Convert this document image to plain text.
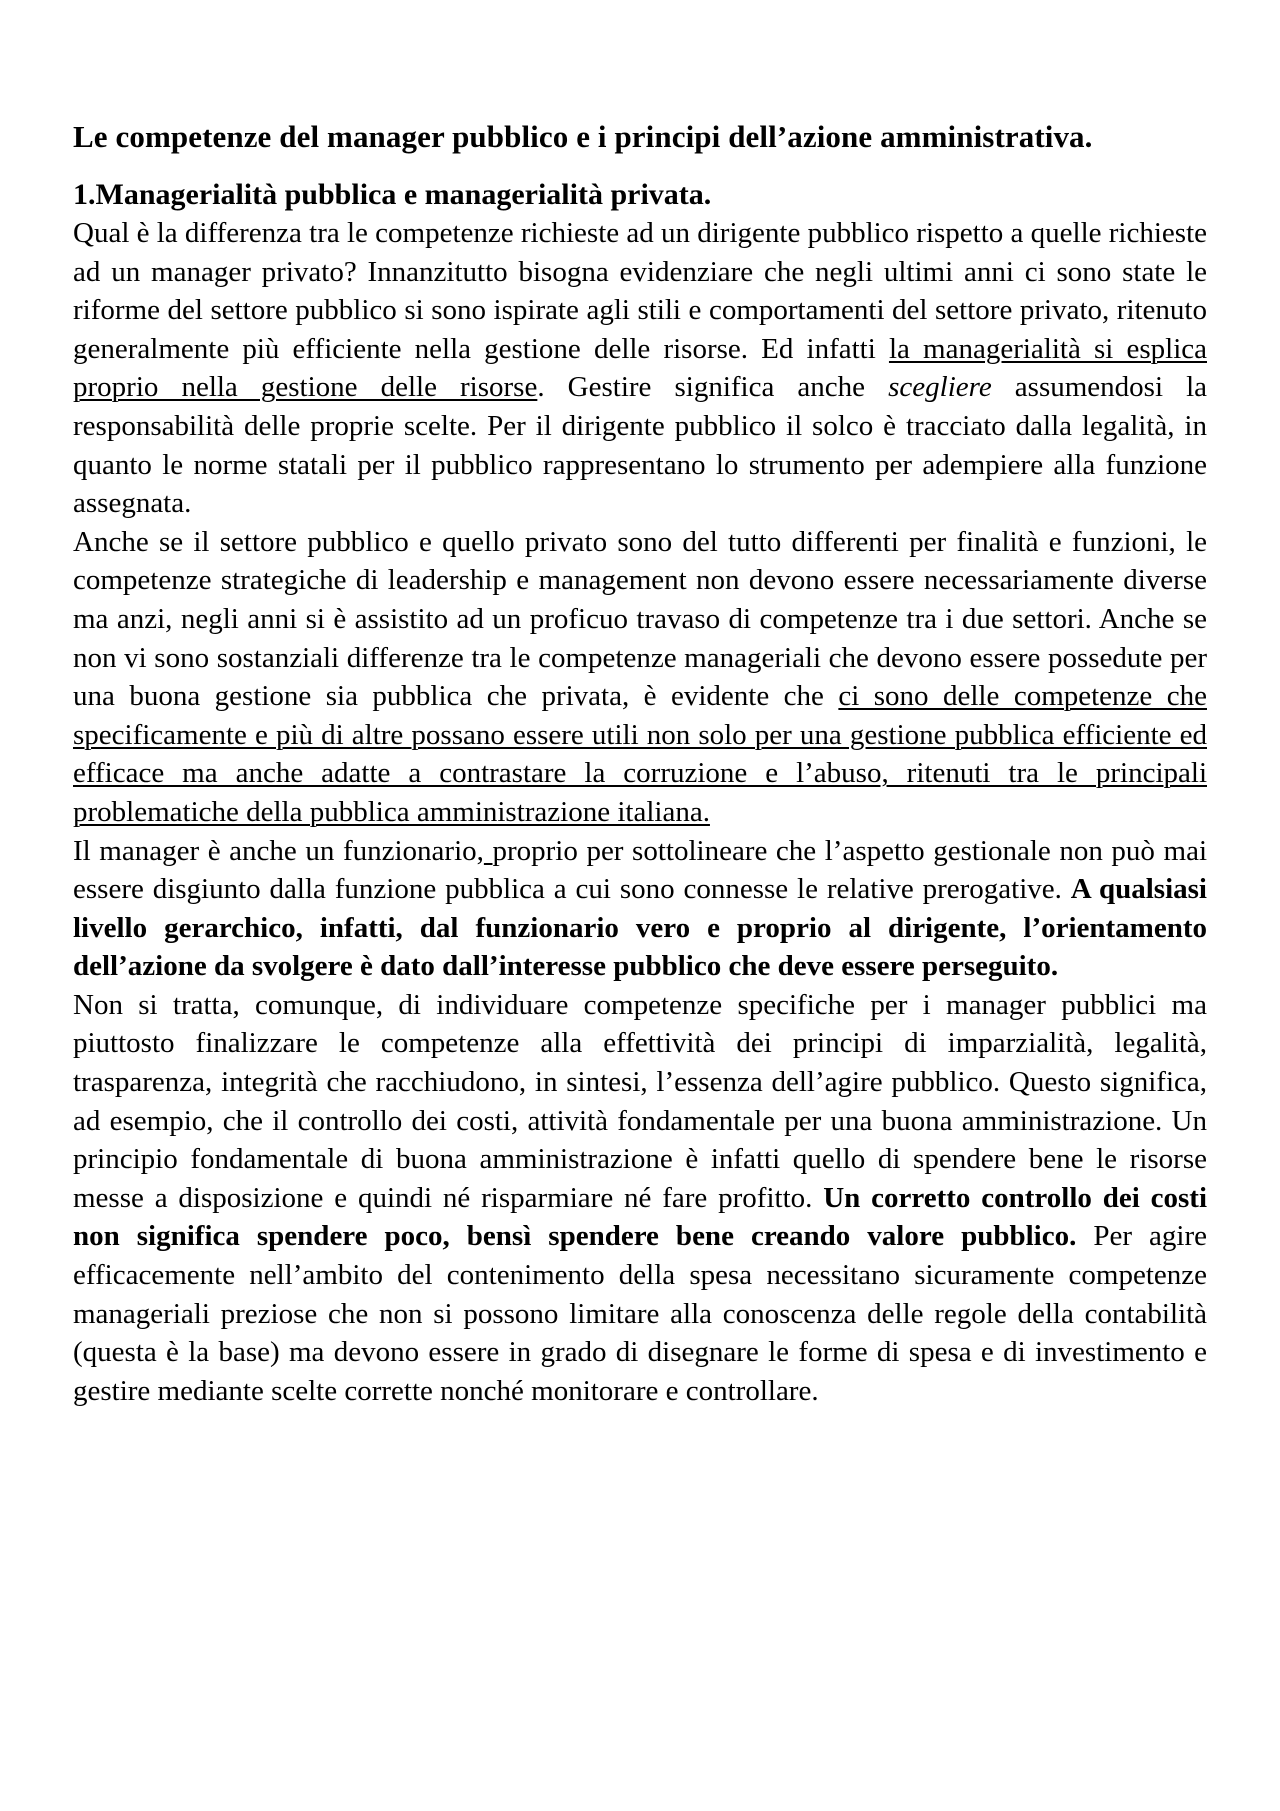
Le competenze del manager pubblico e i principi dell’azione amministrativa.
1.Managerialità pubblica e managerialità privata.

Qual è la differenza tra le competenze richieste ad un dirigente pubblico rispetto a quelle richieste ad un manager privato? Innanzitutto bisogna evidenziare che negli ultimi anni ci sono state le riforme del settore pubblico si sono ispirate agli stili e comportamenti del settore privato, ritenuto generalmente più efficiente nella gestione delle risorse. Ed infatti la managerialità si esplica proprio nella gestione delle risorse. Gestire significa anche scegliere assumendosi la responsabilità delle proprie scelte. Per il dirigente pubblico il solco è tracciato dalla legalità, in quanto le norme statali per il pubblico rappresentano lo strumento per adempiere alla funzione assegnata.

Anche se il settore pubblico e quello privato sono del tutto differenti per finalità e funzioni, le competenze strategiche di leadership e management non devono essere necessariamente diverse ma anzi, negli anni si è assistito ad un proficuo travaso di competenze tra i due settori. Anche se non vi sono sostanziali differenze tra le competenze manageriali che devono essere possedute per una buona gestione sia pubblica che privata, è evidente che ci sono delle competenze che specificamente e più di altre possano essere utili non solo per una gestione pubblica efficiente ed efficace ma anche adatte a contrastare la corruzione e l’abuso, ritenuti tra le principali problematiche della pubblica amministrazione italiana.

Il manager è anche un funzionario, proprio per sottolineare che l’aspetto gestionale non può mai essere disgiunto dalla funzione pubblica a cui sono connesse le relative prerogative. A qualsiasi livello gerarchico, infatti, dal funzionario vero e proprio al dirigente, l’orientamento dell’azione da svolgere è dato dall’interesse pubblico che deve essere perseguito.

Non si tratta, comunque, di individuare competenze specifiche per i manager pubblici ma piuttosto finalizzare le competenze alla effettività dei principi di imparzialità, legalità, trasparenza, integrità che racchiudono, in sintesi, l’essenza dell’agire pubblico. Questo significa, ad esempio, che il controllo dei costi, attività fondamentale per una buona amministrazione. Un principio fondamentale di buona amministrazione è infatti quello di spendere bene le risorse messe a disposizione e quindi né risparmiare né fare profitto. Un corretto controllo dei costi non significa spendere poco, bensì spendere bene creando valore pubblico. Per agire efficacemente nell’ambito del contenimento della spesa necessitano sicuramente competenze manageriali preziose che non si possono limitare alla conoscenza delle regole della contabilità (questa è la base) ma devono essere in grado di disegnare le forme di spesa e di investimento e gestire mediante scelte corrette nonché monitorare e controllare.
